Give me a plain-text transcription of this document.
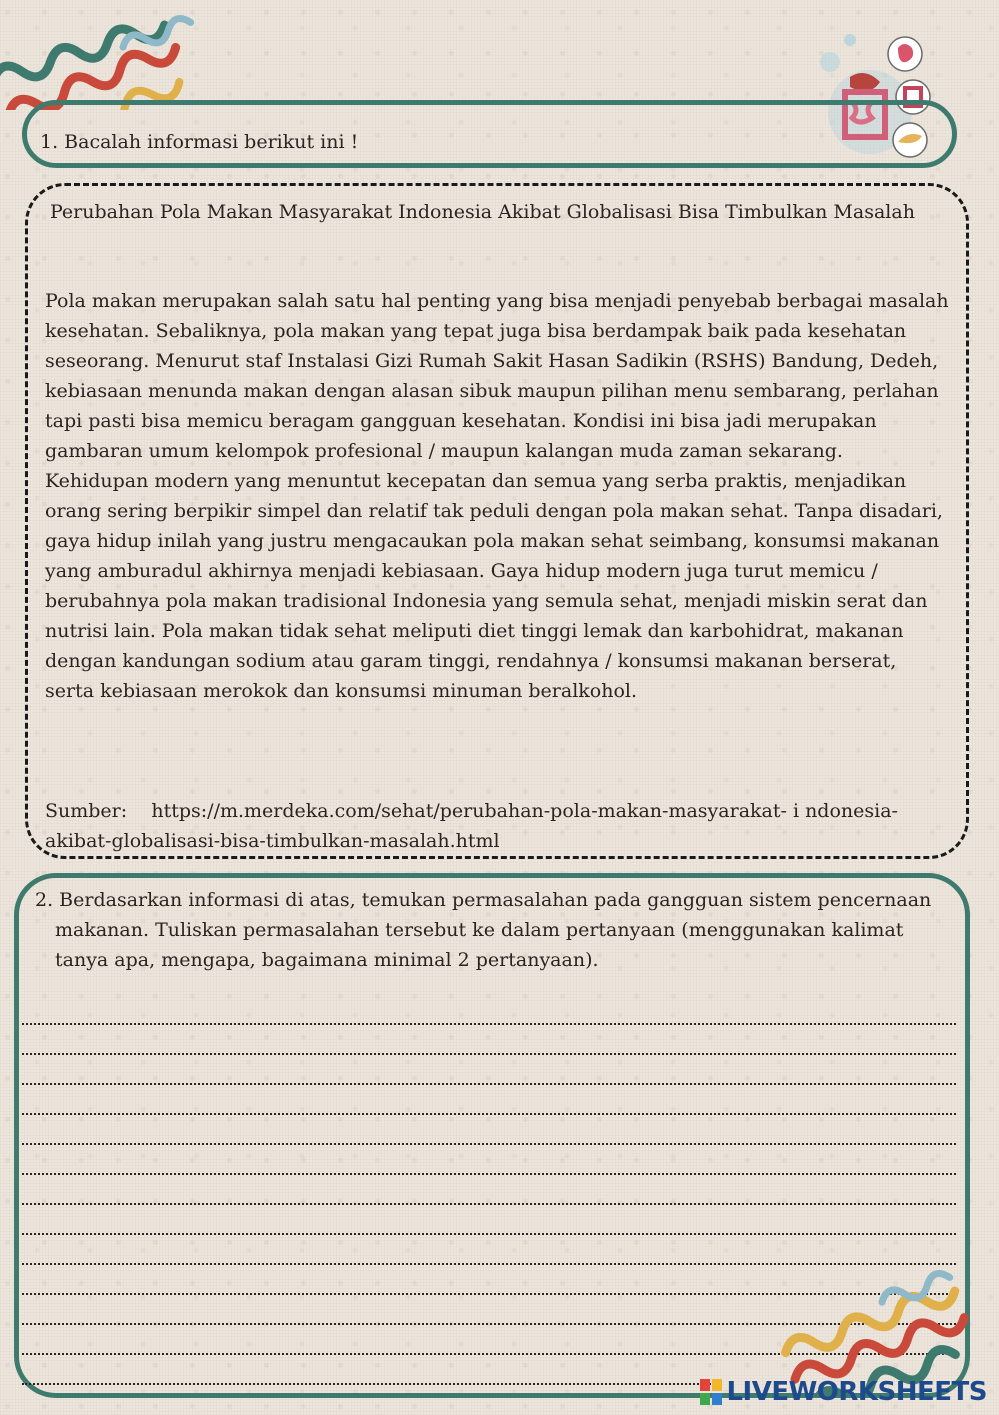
1. Bacalah informasi berikut ini !
Perubahan Pola Makan Masyarakat Indonesia Akibat Globalisasi Bisa Timbulkan Masalah
Pola makan merupakan salah satu hal penting yang bisa menjadi penyebab berbagai masalah kesehatan. Sebaliknya, pola makan yang tepat juga bisa berdampak baik pada kesehatan seseorang. Menurut staf Instalasi Gizi Rumah Sakit Hasan Sadikin (RSHS) Bandung, Dedeh, kebiasaan menunda makan dengan alasan sibuk maupun pilihan menu sembarang, perlahan tapi pasti bisa memicu beragam gangguan kesehatan. Kondisi ini bisa jadi merupakan gambaran umum kelompok profesional / maupun kalangan muda zaman sekarang. Kehidupan modern yang menuntut kecepatan dan semua yang serba praktis, menjadikan orang sering berpikir simpel dan relatif tak peduli dengan pola makan sehat. Tanpa disadari, gaya hidup inilah yang justru mengacaukan pola makan sehat seimbang, konsumsi makanan yang amburadul akhirnya menjadi kebiasaan. Gaya hidup modern juga turut memicu / berubahnya pola makan tradisional Indonesia yang semula sehat, menjadi miskin serat dan nutrisi lain. Pola makan tidak sehat meliputi diet tinggi lemak dan karbohidrat, makanan dengan kandungan sodium atau garam tinggi, rendahnya / konsumsi makanan berserat, serta kebiasaan merokok dan konsumsi minuman beralkohol.
Sumber: https://m.merdeka.com/sehat/perubahan-pola-makan-masyarakat- i ndonesia-akibat-globalisasi-bisa-timbulkan-masalah.html
2. Berdasarkan informasi di atas, temukan permasalahan pada gangguan sistem pencernaan makanan. Tuliskan permasalahan tersebut ke dalam pertanyaan (menggunakan kalimat tanya apa, mengapa, bagaimana minimal 2 pertanyaan).
LIVEWORKSHEETS
